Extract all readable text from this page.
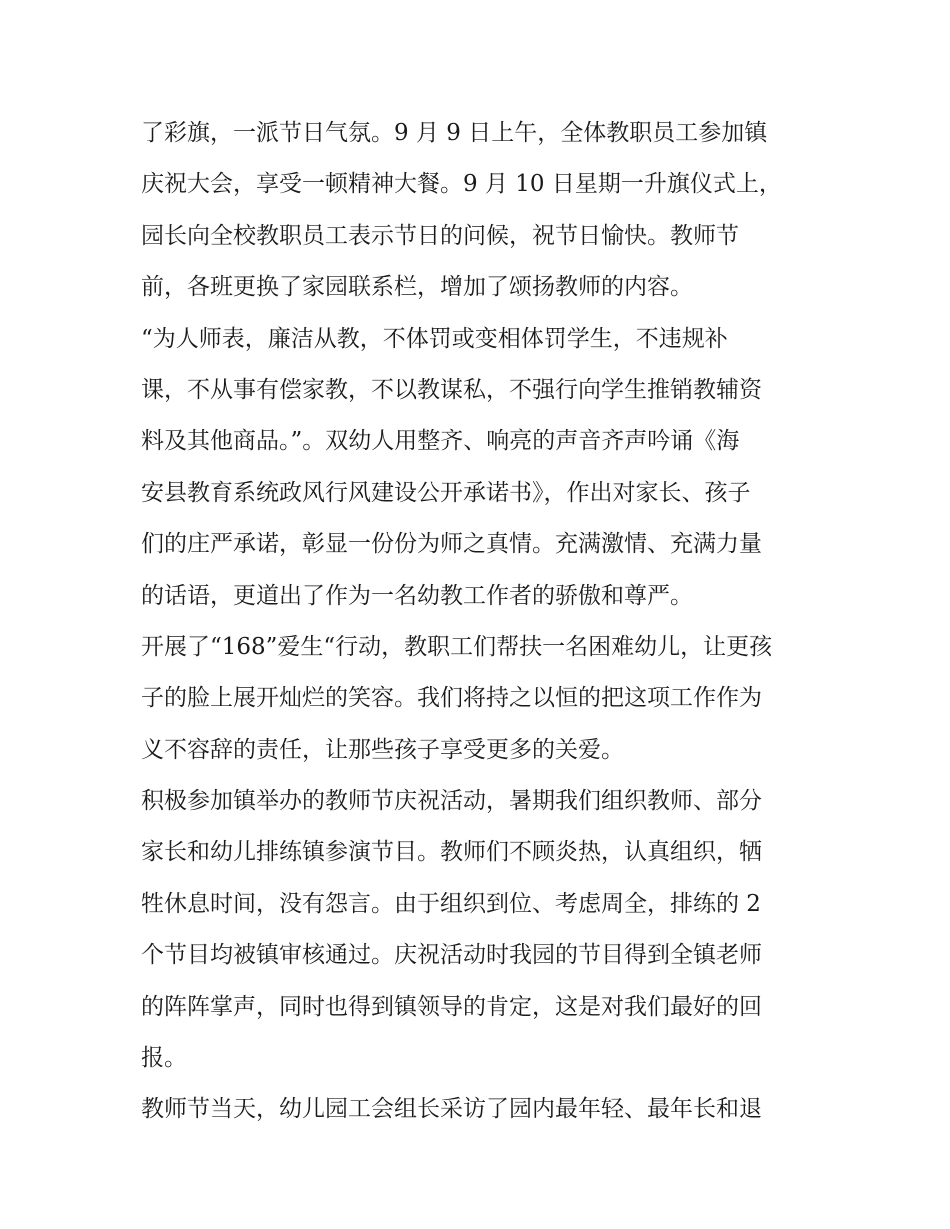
了彩旗，一派节日气氛。9 月 9 日上午，全体教职员工参加镇
庆祝大会，享受一顿精神大餐。9 月 10 日星期一升旗仪式上，
园长向全校教职员工表示节日的问候，祝节日愉快。教师节
前，各班更换了家园联系栏，增加了颂扬教师的内容。
“为人师表，廉洁从教，不体罚或变相体罚学生，不违规补
课，不从事有偿家教，不以教谋私，不强行向学生推销教辅资
料及其他商品。”。双幼人用整齐、响亮的声音齐声吟诵《海
安县教育系统政风行风建设公开承诺书》，作出对家长、孩子
们的庄严承诺，彰显一份份为师之真情。充满激情、充满力量
的话语，更道出了作为一名幼教工作者的骄傲和尊严。
开展了“168”爱生“行动，教职工们帮扶一名困难幼儿，让更孩
子的脸上展开灿烂的笑容。我们将持之以恒的把这项工作作为
义不容辞的责任，让那些孩子享受更多的关爱。
积极参加镇举办的教师节庆祝活动，暑期我们组织教师、部分
家长和幼儿排练镇参演节目。教师们不顾炎热，认真组织，牺
牲休息时间，没有怨言。由于组织到位、考虑周全，排练的 2
个节目均被镇审核通过。庆祝活动时我园的节目得到全镇老师
的阵阵掌声，同时也得到镇领导的肯定，这是对我们最好的回
报。
教师节当天，幼儿园工会组长采访了园内最年轻、最年长和退
